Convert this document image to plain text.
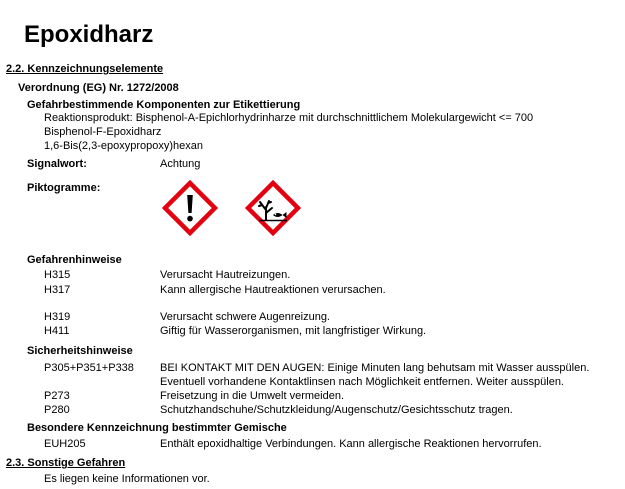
Epoxidharz
2.2. Kennzeichnungselemente
Verordnung (EG) Nr. 1272/2008
Gefahrbestimmende Komponenten zur Etikettierung
Reaktionsprodukt: Bisphenol-A-Epichlorhydrinharze mit durchschnittlichem Molekulargewicht <= 700
Bisphenol-F-Epoxidharz
1,6-Bis(2,3-epoxypropoxy)hexan
Signalwort:	Achtung
Piktogramme:
Gefahrenhinweise
H315	Verursacht Hautreizungen.
H317	Kann allergische Hautreaktionen verursachen.
H319	Verursacht schwere Augenreizung.
H411	Giftig für Wasserorganismen, mit langfristiger Wirkung.
Sicherheitshinweise
P305+P351+P338 BEI KONTAKT MIT DEN AUGEN: Einige Minuten lang behutsam mit Wasser ausspülen.
Eventuell vorhandene Kontaktlinsen nach Möglichkeit entfernen. Weiter ausspülen.
P273	Freisetzung in die Umwelt vermeiden.
P280	Schutzhandschuhe/Schutzkleidung/Augenschutz/Gesichtsschutz tragen.
Besondere Kennzeichnung bestimmter Gemische
EUH205	Enthält epoxidhaltige Verbindungen. Kann allergische Reaktionen hervorrufen.
2.3. Sonstige Gefahren
Es liegen keine Informationen vor.
